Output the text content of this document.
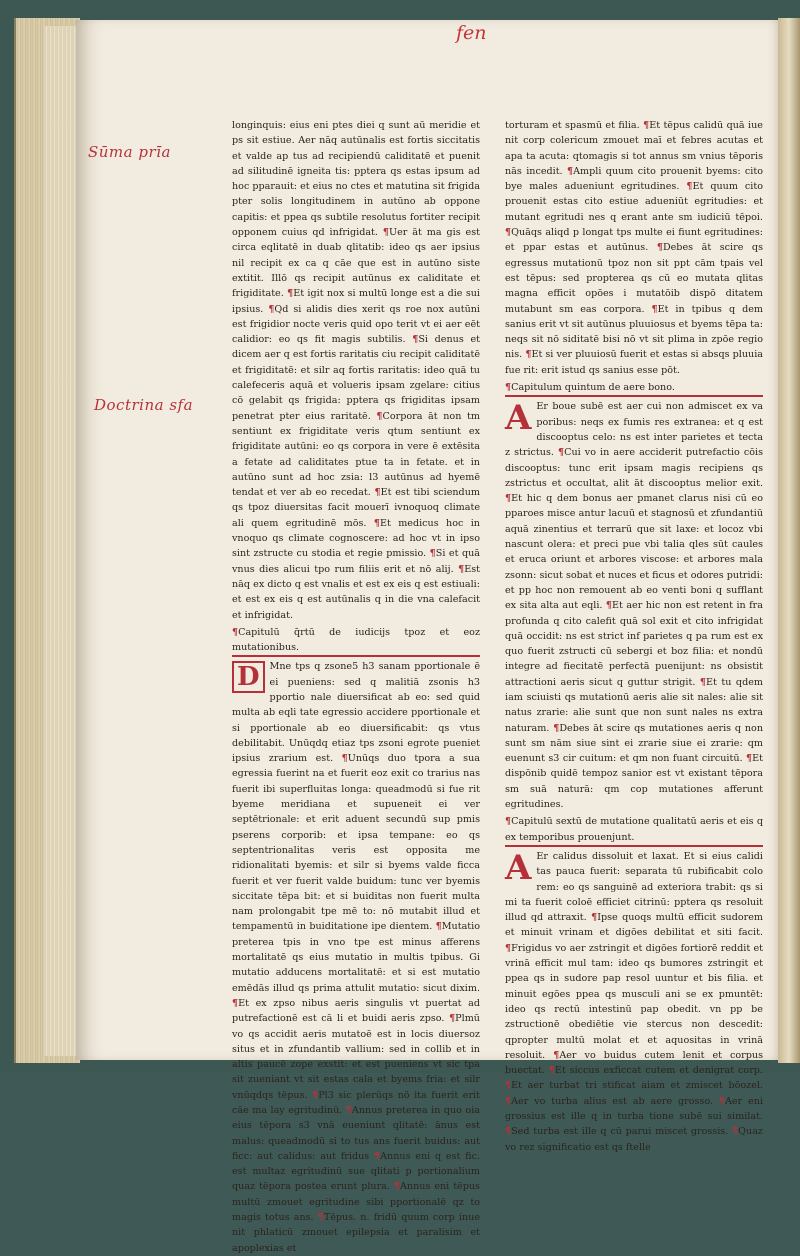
fen
Sūma prīa
Doctrina sfa

longinquis: eius eni ptes diei q sunt aū meridie et ps sit estiue. Aer nāq autūnalis est fortis siccitatis et valde ap tus ad recipiendū caliditatē et puenit ad silitudinē igneita tis: pptera qs estas ipsum ad hoc pparauit: et eius no ctes et matutina sit frigida pter solis longitudinem in autūno ab oppone capitis: et ppea qs subtile resolutus fortiter recipit opponem cuius qd infrigidat. ¶Uer āt ma gis est circa eqlitatē in duab qlitatib: ideo qs aer ipsius nil recipit ex ca q cāe que est in autūno siste extitit. Illō qs recipit autūnus ex caliditate et frigiditate. ¶Et igit nox si multū longe est a die sui ipsius. ¶Qd si alidis dies xerit qs roe nox autūni est frigidior nocte veris quid opo terit vt ei aer eēt calidior: eo qs fit magis subtilis. ¶Si denus et dicem aer q est fortis raritatis ciu recipit caliditatē et frigiditatē: et silr aq fortis raritatis: ideo quā tu calefeceris aquā et volueris ipsam zgelare: citius cō gelabit qs frigida: pptera qs frigiditas ipsam penetrat pter eius raritatē. ¶Corpora āt non tm sentiunt ex frigiditate veris qtum sentiunt ex frigiditate autūni: eo qs corpora in vere ē extēsita a fetate ad caliditates ptue ta in fetate. et in autūno sunt ad hoc zsia: l3 autūnus ad hyemē tendat et ver ab eo recedat. ¶Et est tibi sciendum qs tpoz diuersitas facit mouerī ivnoquoq climate ali quem egritudinē mōs. ¶Et medicus hoc in vnoquo qs climate cognoscere: ad hoc vt in ipso sint zstructe cu stodia et regie pmissio. ¶Si et quā vnus dies alicui tpo rum filiis erit et nō alij. ¶Est nāq ex dicto q est vnalis et est ex eis q est estiuali: et est ex eis q est autūnalis q in die vna calefacit et infrigidat.

¶Capitulū q̄rtū de iudicijs tpoz et eoz mutationibus.

D	Mne tps q zsone5 h3 sanam pportionale ē ei pueniens: sed q malitiā zsonis h3 pportio nale diuersificat ab eo: sed quid multa ab eqli tate egressio accidere pportionale et si pportionale ab eo diuersificabit: qs vtus debilitabit. Unūqdq etiaz tps zsoni egrote pueniet ipsius zrarium est. ¶Unūqs duo tpora a sua egressia fuerint na et fuerit eoz exit co trarius nas fuerit ibi superfluitas longa: queadmodū si fue rit byeme meridiana et supueneit ei ver septētrionale: et erit aduent secundū sup pmis pserens corporib: et ipsa tempane: eo qs septentrionalitas veris est opposita me ridionalitati byemis: et silr si byems valde ficca fuerit et ver fuerit valde buidum: tunc ver byemis siccitate tēpa bit: et si buiditas non fuerit multa nam prolongabit tpe mē to: nō mutabit illud et tempamentū in buiditatione ipe dientem. ¶Mutatio preterea tpis in vno tpe est minus afferens mortalitatē qs eius mutatio in multis tpibus. Gi mutatio adducens mortalitatē: et si est mutatio emēdās illud qs prima attulit mutatio: sicut dixim. ¶Et ex zpso nibus aeris singulis vt puertat ad putrefactionē est cā li et buidi aeris zpso. ¶Plmū vo qs accidit aeris mutatoē est in locis diuersoz situs et in zfundantib vallium: sed in collib et in altis paucē zope exstit: et est pueniens vt sic tpa sit zueniant vt sit estas cala et byems fria: et silr vnūqdqs tēpus. ¶Pl3 sic plerūqs nō ita fuerit erit cāe ma lay egritudinū. ¶Annus preterea in quo oia eius tēpora s3 vnā eueniunt qlitatē: ānus est malus: queadmodū si to tus ans fuerit buidus: aut ficc: aut calidus: aut fridus ¶Annus eni q est fic. est multaz egritudinū sue qlitati p portionalium quaz tēpora postea erunt plura. ¶Annus eni tēpus multū zmouet egritudine sibi pportionalē qz to magis totus ans. ¶Tēpus. n. fridū quum corp inue nit phlaticū zmouet epilepsia et paralisim et apoplexias et

torturam et spasmū et filia. ¶Et tēpus calidū quā iue nit corp colericum zmouet maī et febres acutas et apa ta acuta: qtomagis si tot annus sm vnius tēporis nās incedit. ¶Ampli quum cito prouenit byems: cito bye males adueniunt egritudines. ¶Et quum cito prouenit estas cito estiue adueniūt egritudies: et mutant egritudi nes q erant ante sm iudiciū tēpoi. ¶Quāqs aliqd p longat tps multe ei fiunt egritudines: et ppar estas et autūnus. ¶Debes āt scire qs egressus mutationū tpoz non sit ppt cām tpais vel est tēpus: sed propterea qs cū eo mutata qlitas magna efficit opōes i mutatōib dispō ditatem mutabunt sm eas corpora. ¶Et in tpibus q dem sanius erit vt sit autūnus pluuiosus et byems tēpa ta: neqs sit nō siditatē bisi nō vt sit plima in zpōe regio nis. ¶Et si ver pluuiosū fuerit et estas si absqs pluuia fue rit: erit istud qs sanius esse pōt.

¶Capitulum quintum de aere bono.

A Er boue subē est aer cui non admiscet ex va poribus: neqs ex fumis res extranea: et q est discooptus celo: ns est inter parietes et tecta z strictus. ¶Cui vo in aere acciderit putrefactio cōis discooptus: tunc erit ipsam magis recipiens qs zstrictus et occultat, alit āt discooptus melior exit. ¶Et hic q dem bonus aer pmanet clarus nisi cū eo pparoes misce antur lacuū et stagnosū et zfundantiū aquā zinentius et terrarū que sit laxe: et locoz vbi nascunt olera: et preci pue vbi talia qles sūt caules et eruca oriunt et arbores viscose: et arbores mala zsonn: sicut sobat et nuces et ficus et odores putridi: et pp hoc non remouent ab eo venti boni q sufflant ex sita alta aut eqli. ¶Et aer hic non est retent in fra profunda q cito calefit quā sol exit et cito infrigidat quā occidit: ns est strict inf parietes q pa rum est ex quo fuerit zstructi cū sebergi et boz filia: et nondū integre ad fiecitatē perfectā puenijunt: ns obsistit attractioni aeris sicut q guttur strigit. ¶Et tu qdem iam sciuisti qs mutationū aeris alie sit nales: alie sit natus zrarie: alie sunt que non sunt nales ns extra naturam. ¶Debes āt scire qs mutationes aeris q non sunt sm nām siue sint ei zrarie siue ei zrarie: qm euenunt s3 cir cuitum: et qm non fuant circuitū. ¶Et dispōnib quidē tempoz sanior est vt existant tēpora sm suā naturā: qm cop mutationes afferunt egritudines.

¶Capitulū sextū de mutatione qualitatū aeris et eis q ex temporibus prouenjunt.

A Er calidus dissoluit et laxat. Et si eius calidi tas pauca fuerit: separata tū rubificabit colo rem: eo qs sanguinē ad exteriora trabit: qs si mi ta fuerit coloē efficiet citrinū: pptera qs resoluit illud qd attraxit. ¶Ipse quoqs multū efficit sudorem et minuit vrinam et digōes debilitat et siti facit. ¶Frigidus vo aer zstringit et digōes fortiorē reddit et vrinā efficit mul tam: ideo qs bumores zstringit et ppea qs in sudore pap resol uuntur et bis filia. et minuit egōes ppea qs musculi ani se ex pmuntēt: ideo qs rectū intestinū pap obedit. vn pp be zstructionē obediētie vie stercus non descedit: qpropter multū molat et et aquositas in vrinā resoluit. ¶Aer vo buidus cutem lenit et corpus buectat. ¶Et siccus exficcat cutem et denigrat corp. ¶Et aer turbat tri stificat aiam et zmiscet bōozel. ¶Aer vo turba alius est ab aere grosso. ¶Aer eni grossius est ille q in turba tione subē sui similat. ¶Sed turba est ille q cū parui miscet grossis. ¶Quaz vo rez significatio est qs ftelle
